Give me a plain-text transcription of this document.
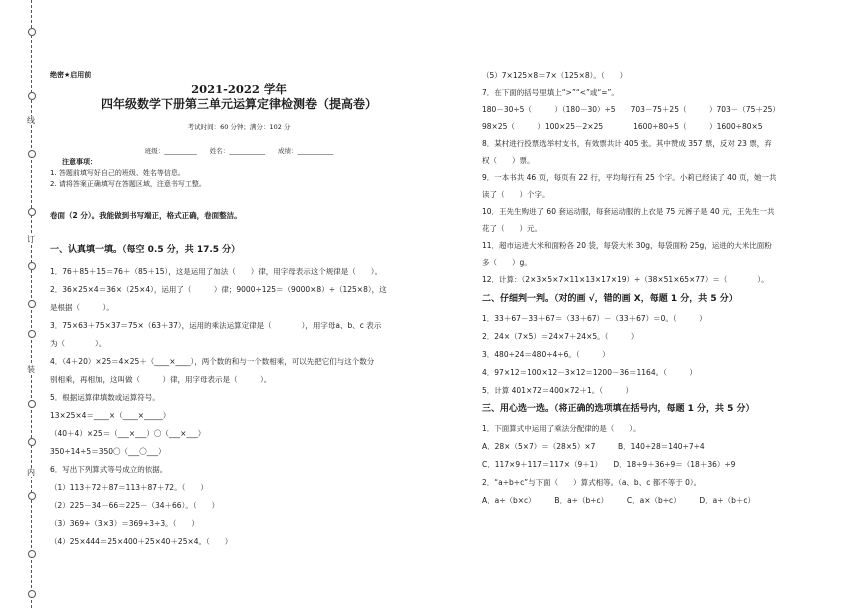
线
订
装
内
绝密★启用前
2021-2022 学年
四年级数学下册第三单元运算定律检测卷（提高卷）
考试时间：60 分钟；满分：102 分
班级：__________　　姓名：___________　　成绩：___________
注意事项：
1. 答题前填写好自己的班级、姓名等信息。
2. 请将答案正确填写在答题区域，注意书写工整。
卷面（2 分）。我能做到书写端正，格式正确，卷面整洁。
一、认真填一填。（每空 0.5 分，共 17.5 分）
1．76＋85＋15＝76＋（85＋15），这是运用了加法（　　）律，用字母表示这个规律是（　　）。
2．36×25×4＝36×（25×4），运用了（　　　）律；9000÷125＝（9000×8）÷（125×8），这
是根据（　　　）。
3．75×63＋75×37＝75×（63＋37），运用的乘法运算定律是（　　　　），用字母a、b、c 表示
为（　　　　）。
4．（4＋20）×25＝4×25＋（____×____），两个数的和与一个数相乘，可以先把它们与这个数分
别相乘，再相加，这叫做（　　　）律，用字母表示是（　　　）。
5．根据运算律填数或运算符号。
13×25×4＝____×（____×_____）
（40＋4）×25＝（___×___）〇（___×___）
350÷14÷5＝350〇（___〇___）
6．写出下列算式等号成立的依据。
（1）113＋72＋87＝113＋87＋72。（　　）
（2）225－34－66＝225－（34＋66）。（　　）
（3）369÷（3×3）＝369÷3÷3。（　　）
（4）25×444＝25×400＋25×40＋25×4。（　　）
（5）7×125×8＝7×（125×8）。（　　）
7．在下面的括号里填上“>”“<”或“=”。
180－30÷5（　　　）（180－30）÷5　　703－75＋25（　　　）703－（75＋25）
98×25（　　　）100×25－2×25　　　　1600÷80÷5（　　　）1600÷80×5
8．某村进行投票选举村支书，有效票共计 405 张。其中赞成 357 票，反对 23 票，弃
权（　　）票。
9．一本书共 46 页，每页有 22 行，平均每行有 25 个字。小莉已经读了 40 页，她一共
读了（　　）个字。
10．王先生购进了 60 套运动服，每套运动服的上衣是 75 元裤子是 40 元，王先生一共
花了（　　）元。
11．超市运进大米和面粉各 20 袋，每袋大米 30g，每袋面粉 25g，运进的大米比面粉
多（　　）g。
12．计算：（2×3×5×7×11×13×17×19）÷（38×51×65×77）＝（　　　　）。
二、仔细判一判。（对的画 √，错的画 X，每题 1 分，共 5 分）
1．33＋67－33＋67＝（33＋67）－（33＋67）＝0。（　　　）
2．24×（7×5）＝24×7＋24×5。（　　　）
3．480÷24＝480÷4÷6。（　　　）
4．97×12＝100×12－3×12＝1200－36＝1164。（　　　）
5．计算 401×72＝400×72＋1。（　　　）
三、用心选一选。（将正确的选项填在括号内，每题 1 分，共 5 分）
1．下面算式中运用了乘法分配律的是（　　）。
A．28×（5×7）＝（28×5）×7　　　B．140÷28＝140÷7÷4
C．117×9＋117＝117×（9＋1）　　D．18÷9＋36÷9＝（18＋36）÷9
2．“a÷b÷c”与下面（　　）算式相等。（a、b、c 都不等于 0）。
A．a÷（b×c）　　　B．a÷（b÷c）　　　C．a×（b÷c）　　　D．a÷（b＋c）
